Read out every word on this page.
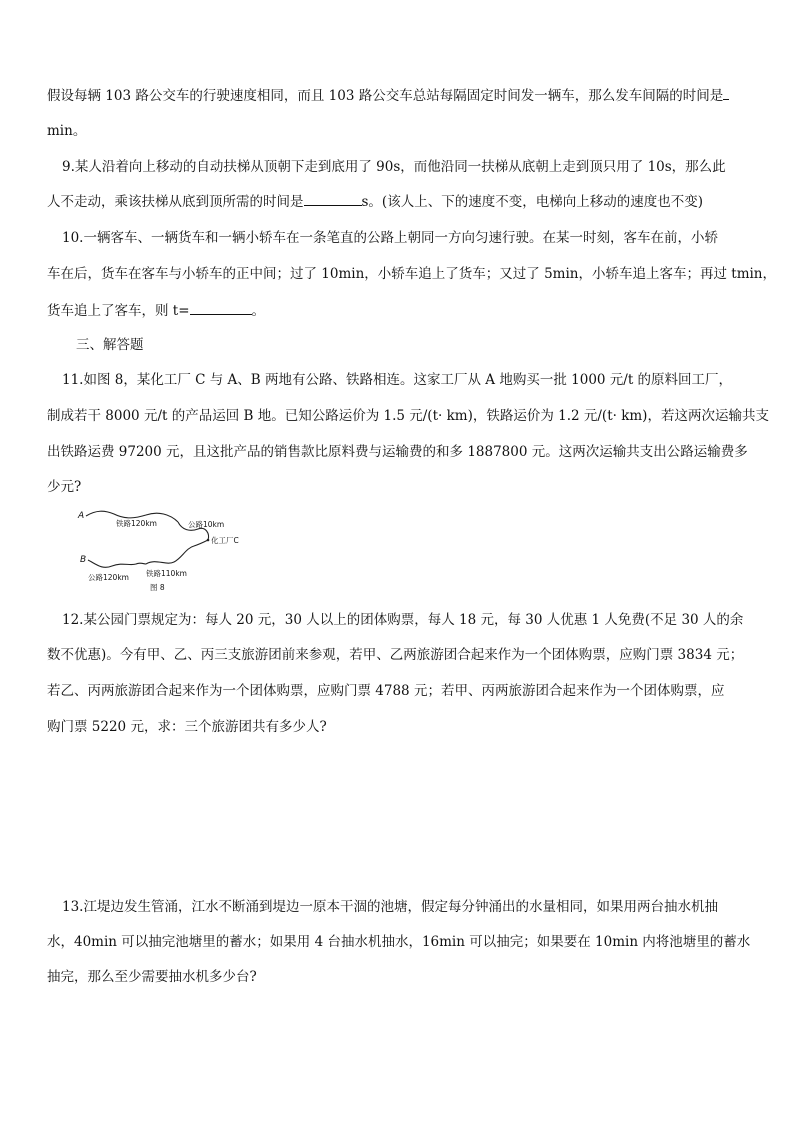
假设每辆 103 路公交车的行驶速度相同，而且 103 路公交车总站每隔固定时间发一辆车，那么发车间隔的时间是
min。
9.某人沿着向上移动的自动扶梯从顶朝下走到底用了 90s，而他沿同一扶梯从底朝上走到顶只用了 10s，那么此
人不走动，乘该扶梯从底到顶所需的时间是	s。(该人上、下的速度不变，电梯向上移动的速度也不变)
10.一辆客车、一辆货车和一辆小轿车在一条笔直的公路上朝同一方向匀速行驶。在某一时刻，客车在前，小轿
车在后，货车在客车与小轿车的正中间；过了 10min，小轿车追上了货车；又过了 5min，小轿车追上客车；再过 tmin，
货车追上了客车，则 t=	。
三、解答题
11.如图 8，某化工厂 C 与 A、B 两地有公路、铁路相连。这家工厂从 A 地购买一批 1000 元/t 的原料回工厂，
制成若干 8000 元/t 的产品运回 B 地。已知公路运价为 1.5 元/(t· km)，铁路运价为 1.2 元/(t· km)，若这两次运输共支
出铁路运费 97200 元，且这批产品的销售款比原料费与运输费的和多 1887800 元。这两次运输共支出公路运输费多
少元?
A
B
铁路120km	公路10km
化工厂C
公路120km 铁路110km
图 8
12.某公园门票规定为：每人 20 元，30 人以上的团体购票，每人 18 元，每 30 人优惠 1 人免费(不足 30 人的余
数不优惠)。今有甲、乙、丙三支旅游团前来参观，若甲、乙两旅游团合起来作为一个团体购票，应购门票 3834 元；
若乙、丙两旅游团合起来作为一个团体购票，应购门票 4788 元；若甲、丙两旅游团合起来作为一个团体购票，应
购门票 5220 元，求：三个旅游团共有多少人?
13.江堤边发生管涌，江水不断涌到堤边一原本干涸的池塘，假定每分钟涌出的水量相同，如果用两台抽水机抽
水，40min 可以抽完池塘里的蓄水；如果用 4 台抽水机抽水，16min 可以抽完；如果要在 10min 内将池塘里的蓄水
抽完，那么至少需要抽水机多少台?
